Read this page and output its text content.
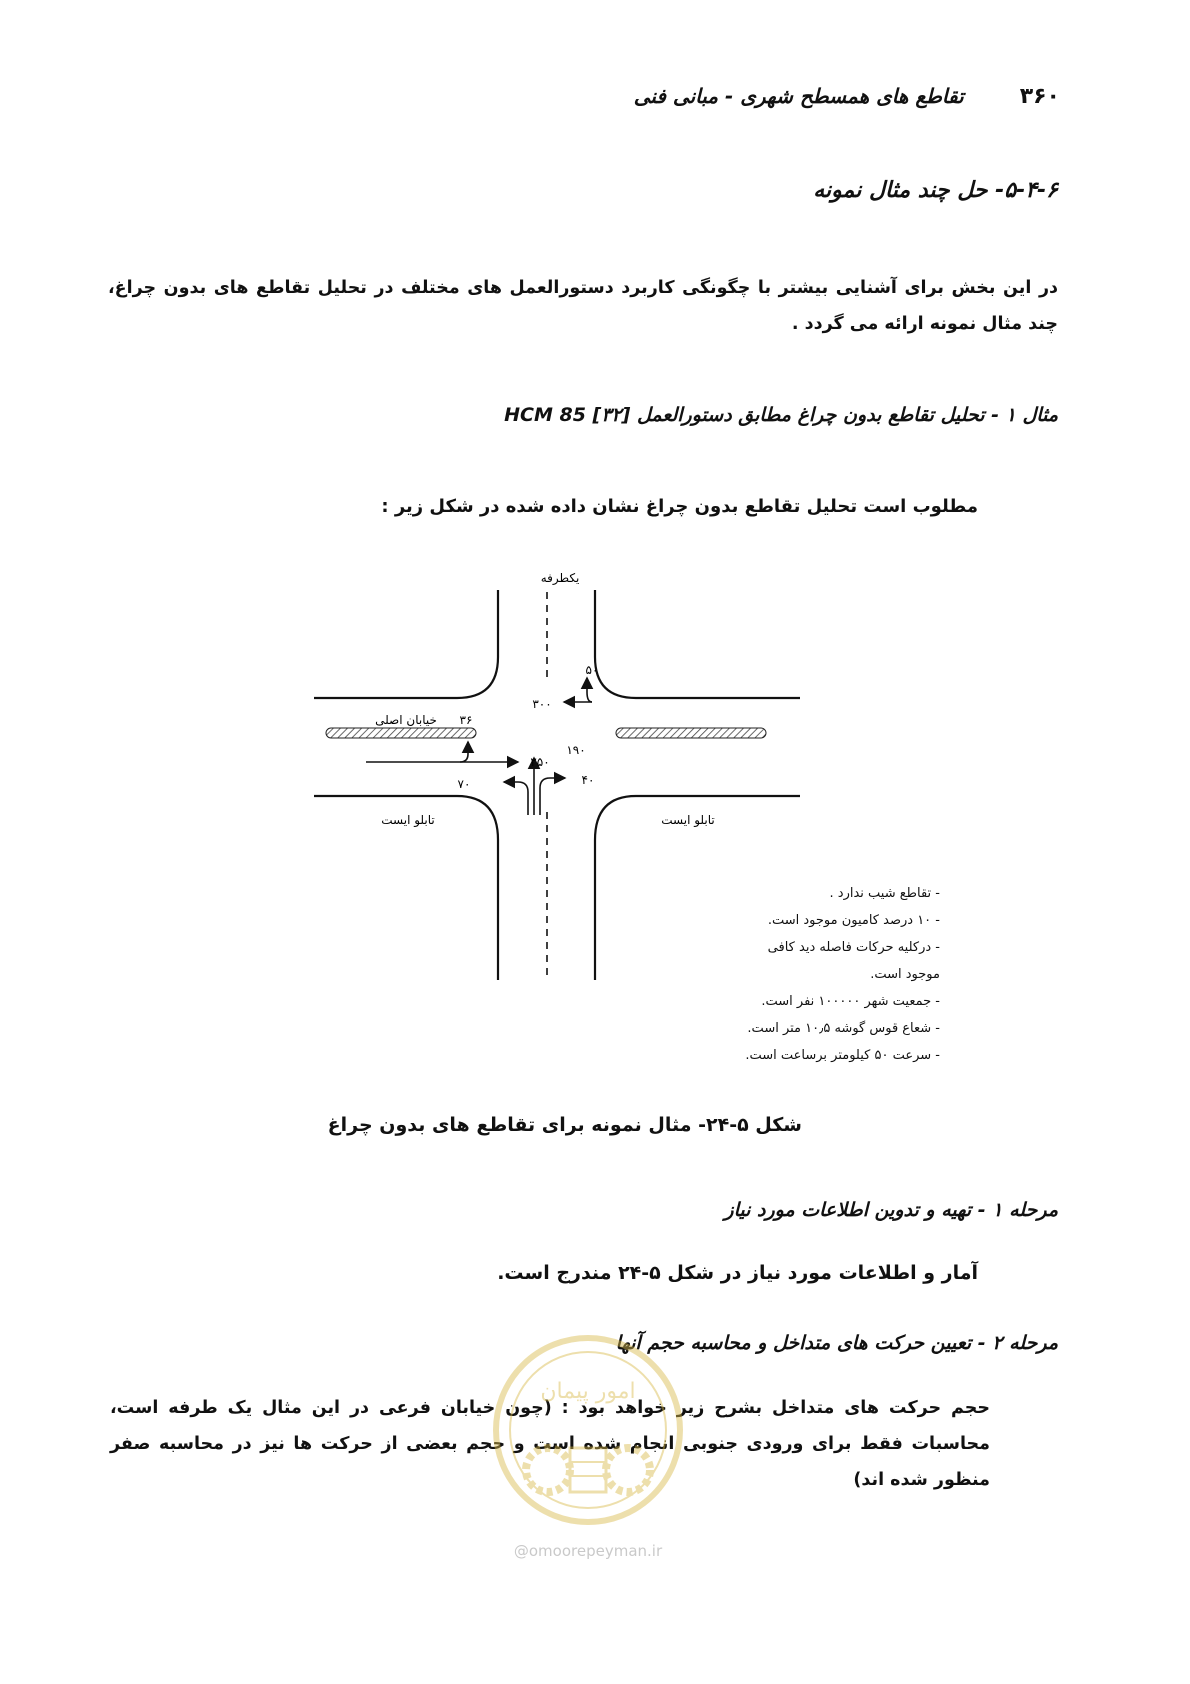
۳۶۰
تقاطع های همسطح شهری - مبانی فنی
۵-۴-۶- حل چند مثال نمونه
در این بخش برای آشنایی بیشتر با چگونگی کاربرد دستورالعمل های مختلف در تحلیل تقاطع های بدون چراغ، چند مثال نمونه ارائه می گردد .
مثال ۱ - تحلیل تقاطع بدون چراغ مطابق دستورالعمل HCM 85 [۳۲]
مطلوب است تحلیل تقاطع بدون چراغ نشان داده شده در شکل زیر :
یکطرفه
خیابان اصلی
تابلو ایست	تابلو ایست
۵۰
۳۰۰
۳۶
۲۵۰
۱۹۰
۷۰	۴۰
- تقاطع شیب ندارد .
- ۱۰ درصد کامیون موجود است.
- درکلیه حرکات فاصله دید کافی
موجود است.
- جمعیت شهر ۱۰۰۰۰۰ نفر است.
- شعاع قوس گوشه ۱۰٫۵ متر است.
- سرعت ۵۰ کیلومتر برساعت است.
شکل ۵-۲۴- مثال نمونه برای تقاطع های بدون چراغ
مرحله ۱ - تهیه و تدوین اطلاعات مورد نیاز
آمار و اطلاعات مورد نیاز در شکل ۵-۲۴ مندرج است.
مرحله ۲ - تعیین حرکت های متداخل و محاسبه حجم آنها
حجم حرکت های متداخل بشرح زیر خواهد بود : (چون خیابان فرعی در این مثال یک طرفه است، محاسبات فقط برای ورودی جنوبی انجام شده است و حجم بعضی از حرکت ها نیز در محاسبه صفر منظور شده اند)
امور پیمان
@omoorepeyman.ir
